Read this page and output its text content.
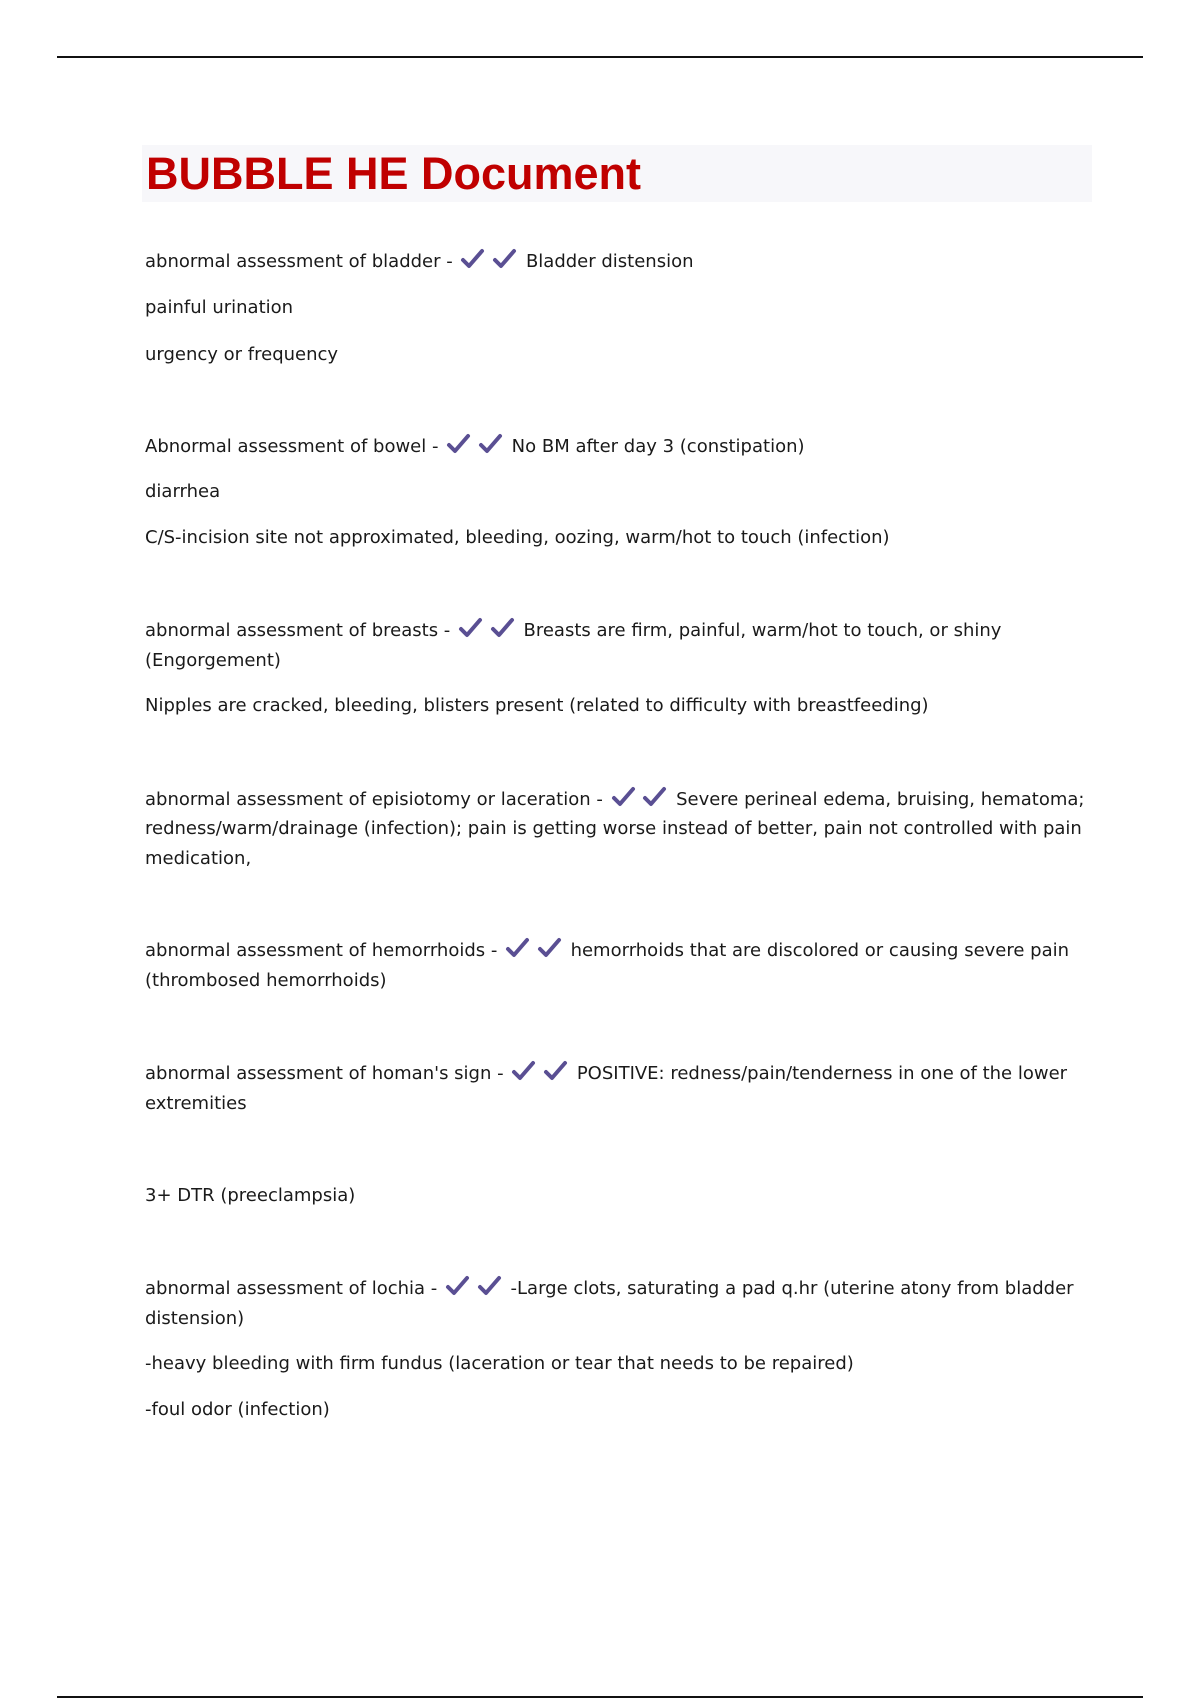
BUBBLE HE Document
abnormal assessment of bladder -
	Bladder distension
painful urination
urgency or frequency
Abnormal assessment of bowel -
	No BM after day 3 (constipation)
diarrhea
C/S-incision site not approximated, bleeding, oozing, warm/hot to touch (infection)
abnormal assessment of breasts -
	Breasts are firm, painful, warm/hot to touch, or shiny
(Engorgement)
Nipples are cracked, bleeding, blisters present (related to difficulty with breastfeeding)
abnormal assessment of episiotomy or laceration -
	Severe perineal edema, bruising, hematoma;
redness/warm/drainage (infection); pain is getting worse instead of better, pain not controlled with pain
medication,
abnormal assessment of hemorrhoids -
	hemorrhoids that are discolored or causing severe pain
(thrombosed hemorrhoids)
abnormal assessment of homan's sign -
	POSITIVE: redness/pain/tenderness in one of the lower
extremities
3+ DTR (preeclampsia)
abnormal assessment of lochia -
	-Large clots, saturating a pad q.hr (uterine atony from bladder
distension)
-heavy bleeding with firm fundus (laceration or tear that needs to be repaired)
-foul odor (infection)
